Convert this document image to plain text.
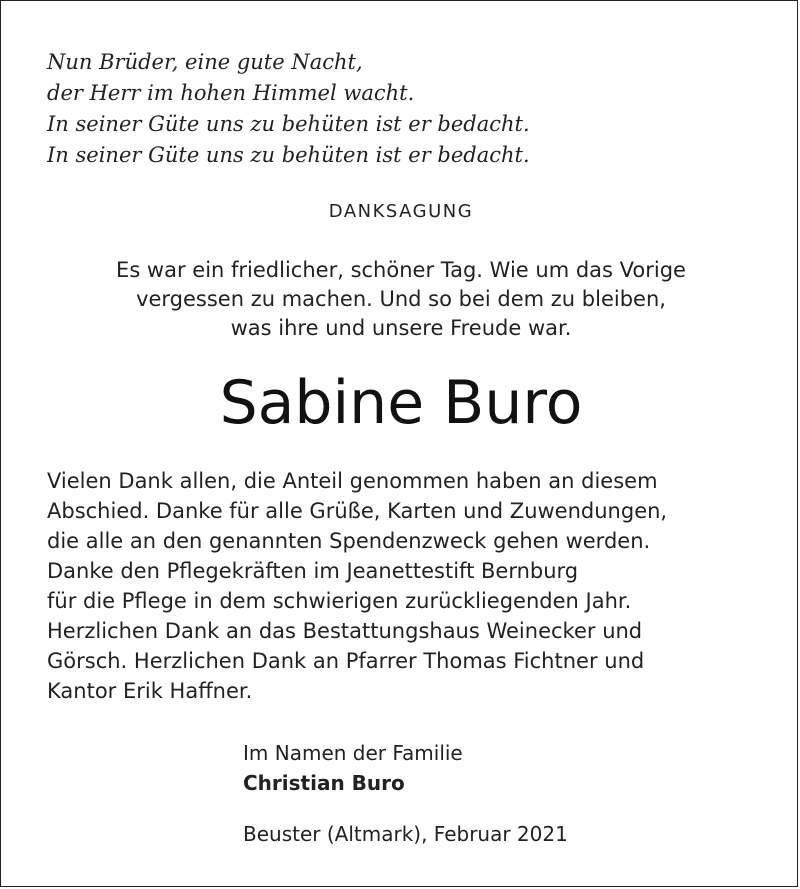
Nun Brüder, eine gute Nacht,
der Herr im hohen Himmel wacht.
In seiner Güte uns zu behüten ist er bedacht.
In seiner Güte uns zu behüten ist er bedacht.
DANKSAGUNG
Es war ein friedlicher, schöner Tag. Wie um das Vorige
vergessen zu machen. Und so bei dem zu bleiben,
was ihre und unsere Freude war.
Sabine Buro
Vielen Dank allen, die Anteil genommen haben an diesem
Abschied. Danke für alle Grüße, Karten und Zuwendungen,
die alle an den genannten Spendenzweck gehen werden.
Danke den Pflegekräften im Jeanettestift Bernburg
für die Pflege in dem schwierigen zurückliegenden Jahr.
Herzlichen Dank an das Bestattungshaus Weinecker und
Görsch. Herzlichen Dank an Pfarrer Thomas Fichtner und
Kantor Erik Haffner.
Im Namen der Familie
Christian Buro
Beuster (Altmark), Februar 2021
